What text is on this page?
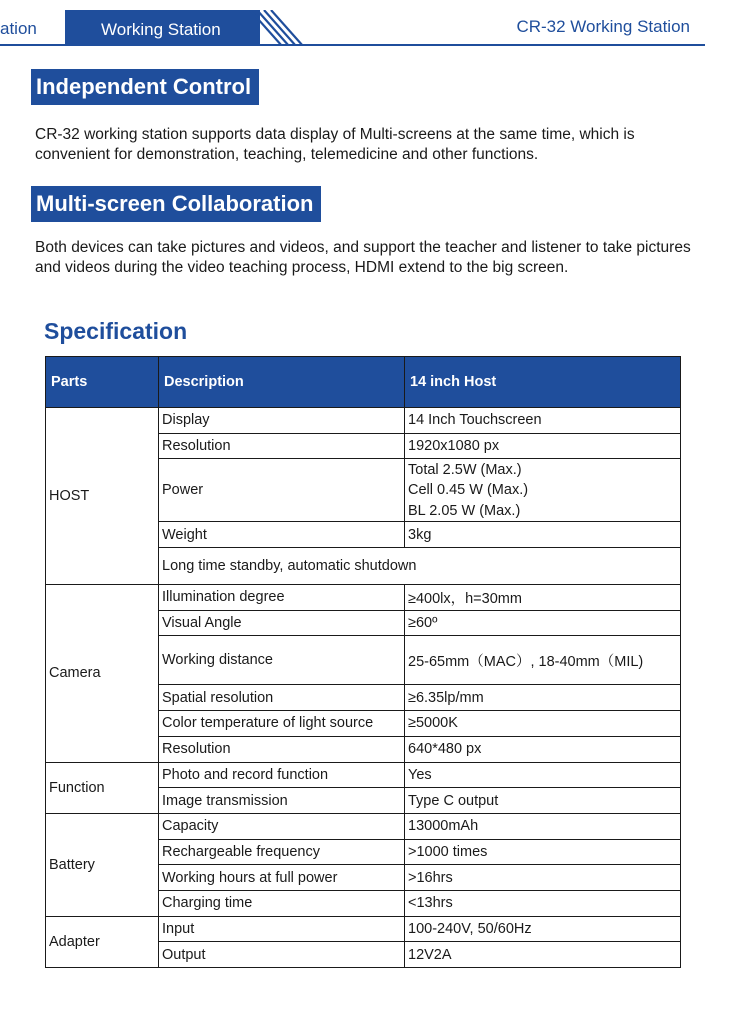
ation	Working Station	CR-32 Working Station
Independent Control
CR-32 working station supports data display of Multi-screens at the same time, which is convenient for demonstration, teaching, telemedicine and other functions.
Multi-screen Collaboration
Both devices can take pictures and videos, and support the teacher and listener to take pictures and videos during the video teaching process, HDMI extend to the big screen.
Specification
Parts	Description	14 inch Host
HOST	Display	14 Inch Touchscreen
	Resolution	1920x1080 px
	Power	Total 2.5W (Max.)
Cell 0.45 W (Max.)
BL 2.05 W (Max.)

	Weight	3kg
	Long time standby, automatic shutdown	
Camera	Illumination degree	≥400lx，h=30mm
	Visual Angle	≥60º
	Working distance	25-65mm（MAC）, 18-40mm（MIL)
	Spatial resolution	≥6.35lp/mm
	Color temperature of light source	≥5000K
	Resolution	640*480 px
Function	Photo and record function	Yes
	Image transmission	Type C output
Battery	Capacity	13000mAh
	Rechargeable frequency	>1000 times
	Working hours at full power	>16hrs
	Charging time	<13hrs
Adapter	Input	100-240V, 50/60Hz
	Output	12V2A
